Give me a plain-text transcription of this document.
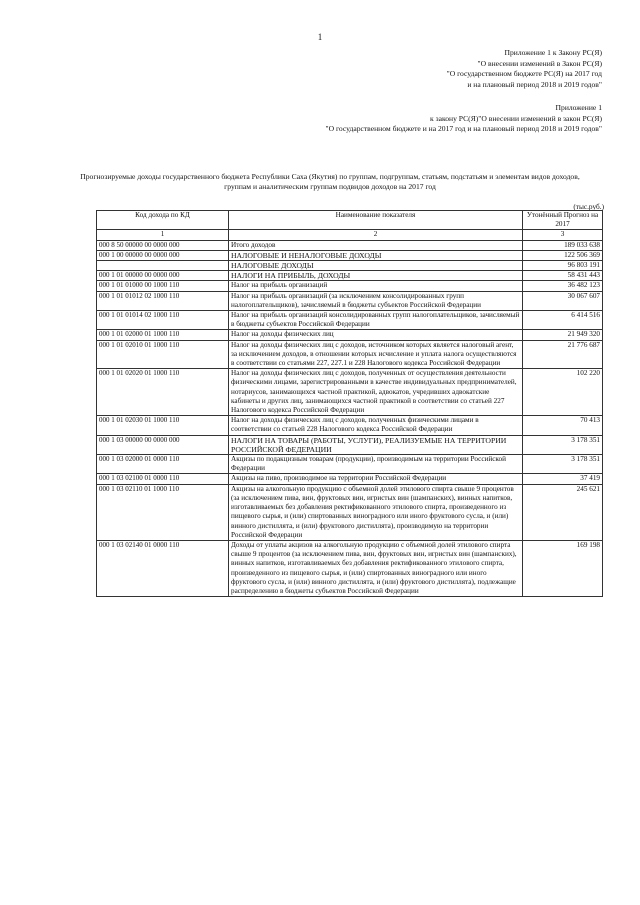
1
Приложение 1 к Закону РС(Я)
"О внесении изменений в Закон РС(Я)
"О государственном бюджете РС(Я) на 2017 год
и на плановый период 2018 и 2019 годов"
Приложение 1
к закону РС(Я)"О внесении изменений в закон РС(Я)
"О государственном бюджете и на 2017 год и на плановый период 2018 и 2019 годов"
Прогнозируемые доходы государственного бюджета Республики Саха (Якутия) по группам, подгруппам, статьям, подстатьям и элементам видов доходов, группам и аналитическим группам подвидов доходов на 2017 год
(тыс.руб.)
Код дохода по КД	Наименование показателя	Утонённый Прогноз на 2017
1	2	3
000 8 50 00000 00 0000 000	Итого доходов	189 033 638
000 1 00 00000 00 0000 000	НАЛОГОВЫЕ И НЕНАЛОГОВЫЕ ДОХОДЫ	122 506 369
	НАЛОГОВЫЕ ДОХОДЫ	96 803 191
000 1 01 00000 00 0000 000	НАЛОГИ НА ПРИБЫЛЬ, ДОХОДЫ	58 431 443
000 1 01 01000 00 1000 110	Налог на прибыль организаций	36 482 123
000 1 01 01012 02 1000 110	Налог на прибыль организаций (за исключением консолидированных групп налогоплательщиков), зачисляемый в бюджеты субъектов Российской Федерации	30 067 607
000 1 01 01014 02 1000 110	Налог на прибыль организаций консолидированных групп налогоплательщиков, зачисляемый в бюджеты субъектов Российской Федерации	6 414 516
000 1 01 02000 01 1000 110	Налог на доходы физических лиц	21 949 320
000 1 01 02010 01 1000 110	Налог на доходы физических лиц с доходов, источником которых является налоговый агент, за исключением доходов, в отношении которых исчисление и уплата налога осуществляются в соответствии со статьями 227, 227.1 и 228 Налогового кодекса Российской Федерации	21 776 687
000 1 01 02020 01 1000 110	Налог на доходы физических лиц с доходов, полученных от осуществления деятельности физическими лицами, зарегистрированными в качестве индивидуальных предпринимателей, нотариусов, занимающихся частной практикой, адвокатов, учредивших адвокатские кабинеты и других лиц, занимающихся частной практикой в соответствии со статьей 227 Налогового кодекса Российской Федерации	102 220
000 1 01 02030 01 1000 110	Налог на доходы физических лиц с доходов, полученных физическими лицами в соответствии со статьей 228 Налогового кодекса Российской Федерации	70 413
000 1 03 00000 00 0000 000	НАЛОГИ НА ТОВАРЫ (РАБОТЫ, УСЛУГИ), РЕАЛИЗУЕМЫЕ НА ТЕРРИТОРИИ РОССИЙСКОЙ ФЕДЕРАЦИИ	3 178 351
000 1 03 02000 01 0000 110	Акцизы по подакцизным товарам (продукции), производимым на территории Российской Федерации	3 178 351
000 1 03 02100 01 0000 110	Акцизы на пиво, производимое на территории Российской Федерации	37 419
000 1 03 02110 01 1000 110	Акцизы на алкогольную продукцию с объемной долей этилового спирта свыше 9 процентов (за исключением пива, вин, фруктовых вин, игристых вин (шампанских), винных напитков, изготавливаемых без добавления ректификованного этилового спирта, произведенного из пищевого сырья, и (или) спиртованных виноградного или иного фруктового сусла, и (или) винного дистиллята, и (или) фруктового дистиллята), производимую на территории Российской Федерации	245 621
000 1 03 02140 01 0000 110	Доходы от уплаты акцизов на алкогольную продукцию с объемной долей этилового спирта свыше 9 процентов (за исключением пива, вин, фруктовых вин, игристых вин (шампанских), винных напитков, изготавливаемых без добавления ректификованного этилового спирта, произведенного из пищевого сырья, и (или) спиртованных виноградного или иного фруктового сусла, и (или) винного дистиллята, и (или) фруктового дистиллята), подлежащие распределению в бюджеты субъектов Российской Федерации	169 198
